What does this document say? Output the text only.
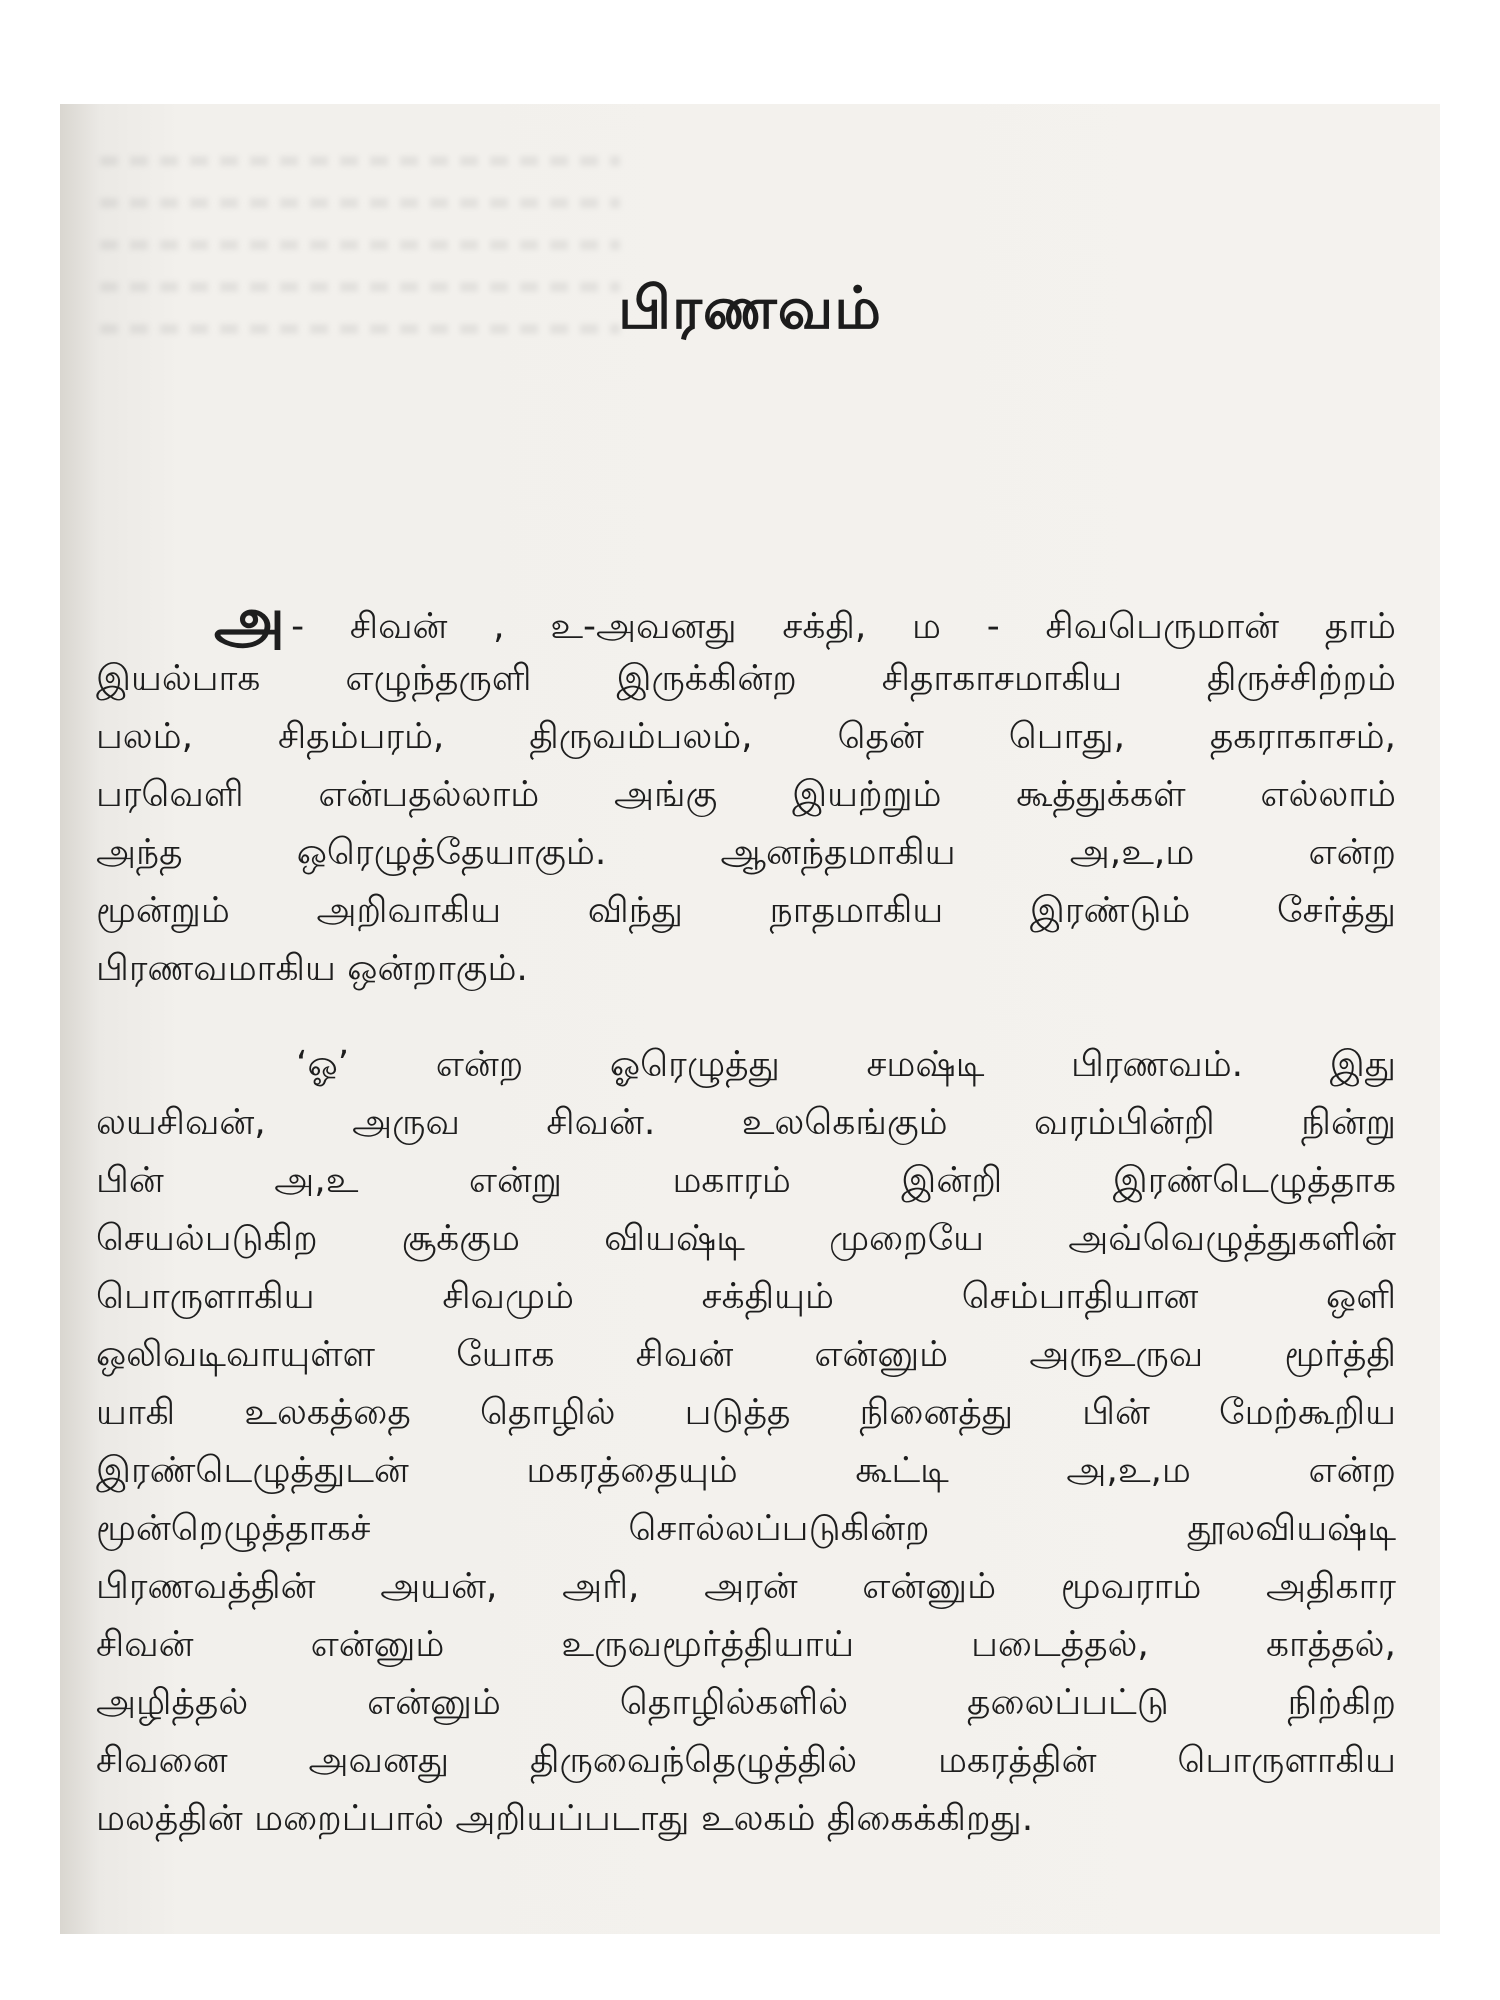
பிரணவம்
அ - சிவன் , உ-அவனது சக்தி, ம - சிவபெருமான் தாம்
இயல்பாக எழுந்தருளி இருக்கின்ற சிதாகாசமாகிய திருச்சிற்றம்
பலம், சிதம்பரம், திருவம்பலம், தென் பொது, தகராகாசம்,
பரவெளி என்பதல்லாம் அங்கு இயற்றும் கூத்துக்கள் எல்லாம்
அந்த ஒரெழுத்தேயாகும். ஆனந்தமாகிய அ,உ,ம என்ற
மூன்றும் அறிவாகிய விந்து நாதமாகிய இரண்டும் சேர்த்து
பிரணவமாகிய ஒன்றாகும்.
‘ஓ’ என்ற ஓரெழுத்து சமஷ்டி பிரணவம். இது
லயசிவன், அருவ சிவன். உலகெங்கும் வரம்பின்றி நின்று
பின் அ,உ என்று மகாரம் இன்றி இரண்டெழுத்தாக
செயல்படுகிற சூக்கும வியஷ்டி முறையே அவ்வெழுத்துகளின்
பொருளாகிய சிவமும் சக்தியும் செம்பாதியான ஒளி
ஒலிவடிவாயுள்ள யோக சிவன் என்னும் அருஉருவ மூர்த்தி
யாகி உலகத்தை தொழில் படுத்த நினைத்து பின் மேற்கூறிய
இரண்டெழுத்துடன் மகரத்தையும் கூட்டி அ,உ,ம என்ற
மூன்றெழுத்தாகச் சொல்லப்படுகின்ற தூலவியஷ்டி
பிரணவத்தின் அயன், அரி, அரன் என்னும் மூவராம் அதிகார
சிவன் என்னும் உருவமூர்த்தியாய் படைத்தல், காத்தல்,
அழித்தல் என்னும் தொழில்களில் தலைப்பட்டு நிற்கிற
சிவனை அவனது திருவைந்தெழுத்தில் மகரத்தின் பொருளாகிய
மலத்தின் மறைப்பால் அறியப்படாது உலகம் திகைக்கிறது.
